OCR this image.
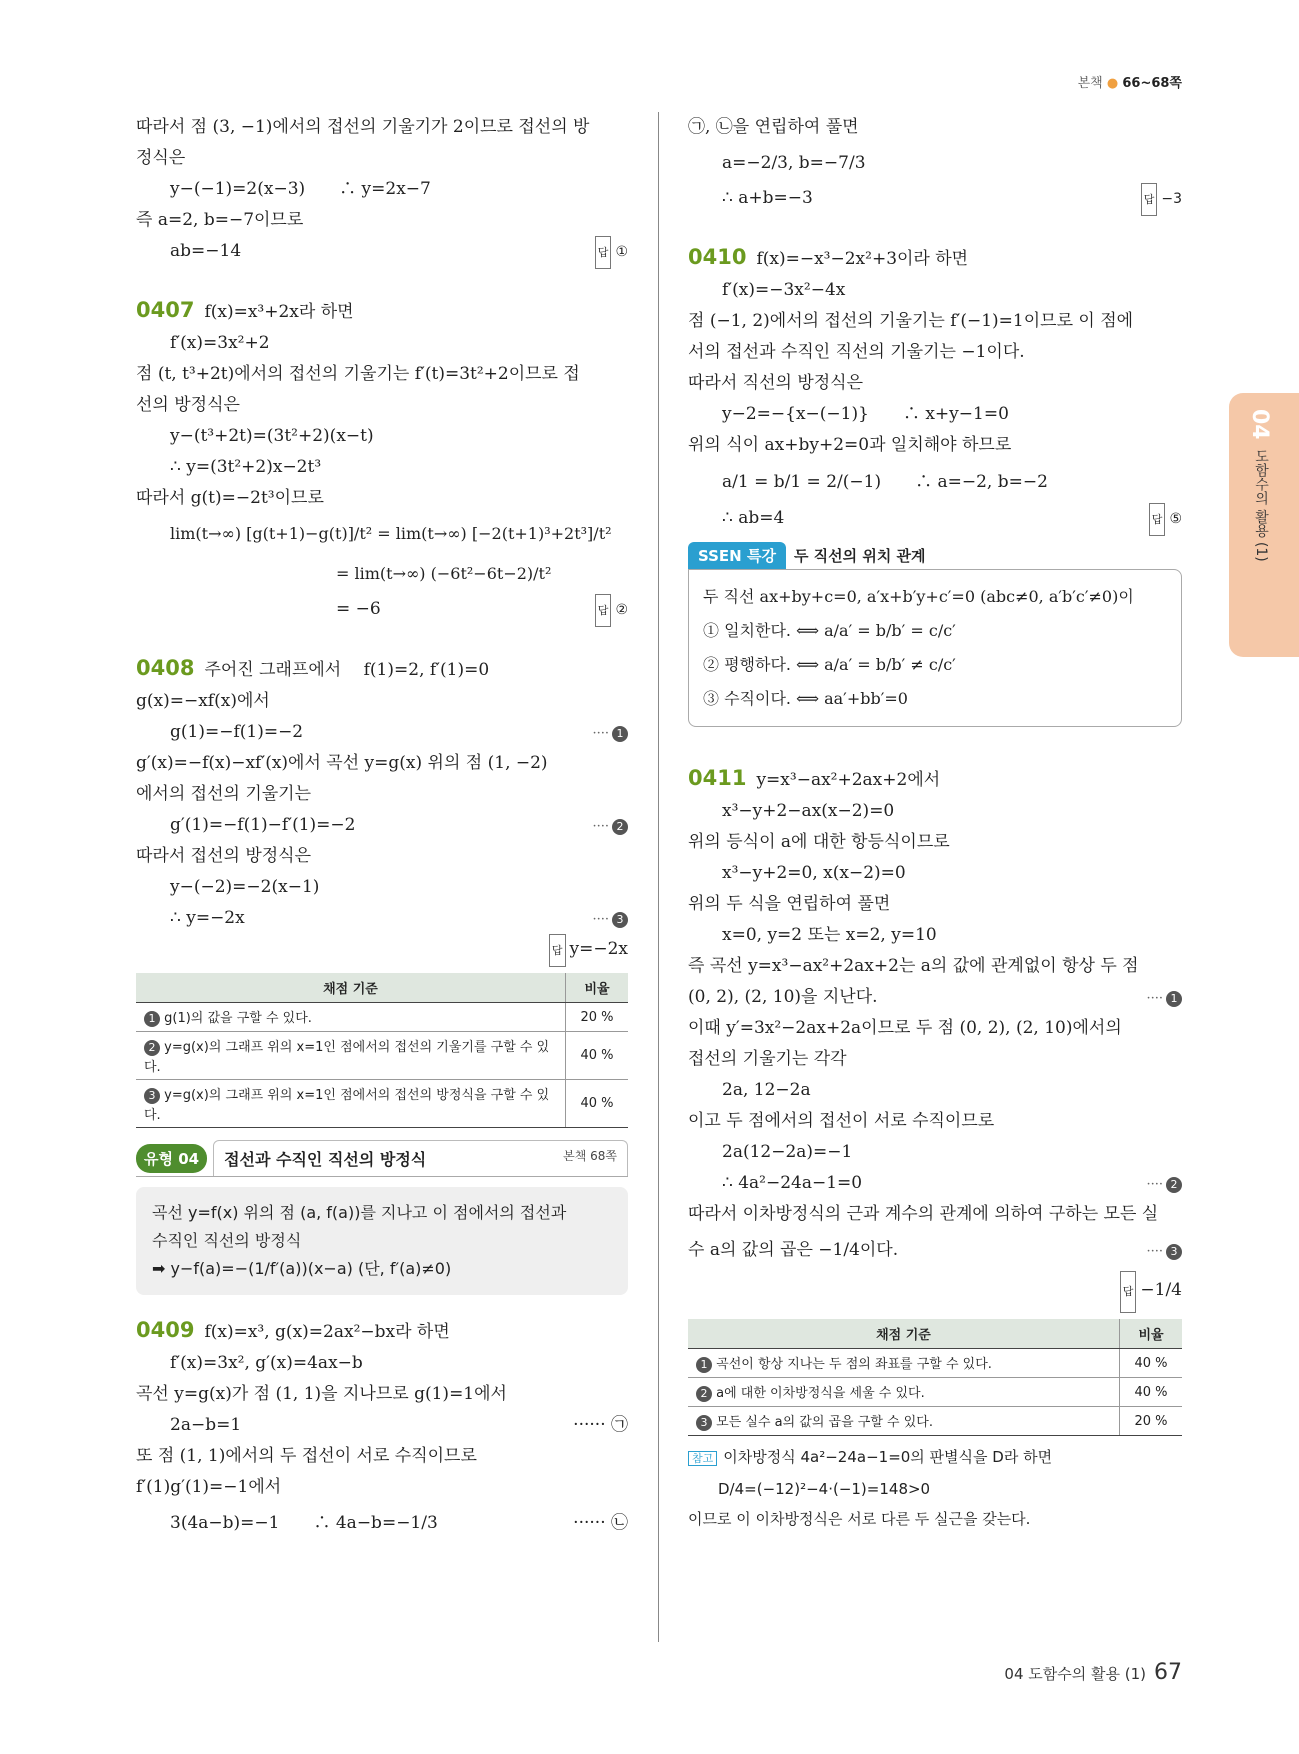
본책 ● 66~68쪽
따라서 점 (3, −1)에서의 접선의 기울기가 2이므로 접선의 방
정식은
y−(−1)=2(x−3)　　∴ y=2x−7
즉 a=2, b=−7이므로
ab=−14	답 ①
0407 f(x)=x³+2x라 하면
f′(x)=3x²+2
점 (t, t³+2t)에서의 접선의 기울기는 f′(t)=3t²+2이므로 접
선의 방정식은
y−(t³+2t)=(3t²+2)(x−t)
∴ y=(3t²+2)x−2t³
따라서 g(t)=−2t³이므로
lim(t→∞) [g(t+1)−g(t)]/t² = lim(t→∞) [−2(t+1)³+2t³]/t²
= lim(t→∞) (−6t²−6t−2)/t²
= −6	답 ②
0408 주어진 그래프에서　 f(1)=2, f′(1)=0
g(x)=−xf(x)에서
g(1)=−f(1)=−2	···· 1
g′(x)=−f(x)−xf′(x)에서 곡선 y=g(x) 위의 점 (1, −2)
에서의 접선의 기울기는
g′(1)=−f(1)−f′(1)=−2	···· 2
따라서 접선의 방정식은
y−(−2)=−2(x−1)
∴ y=−2x	···· 3
답 y=−2x
채점 기준	비율
1 g(1)의 값을 구할 수 있다.	20 %
2 y=g(x)의 그래프 위의 x=1인 점에서의 접선의 기울기를 구할 수 있다.	40 %
3 y=g(x)의 그래프 위의 x=1인 점에서의 접선의 방정식을 구할 수 있다.	40 %
유형 04	접선과 수직인 직선의 방정식	본책 68쪽
곡선 y=f(x) 위의 점 (a, f(a))를 지나고 이 점에서의 접선과
수직인 직선의 방정식
➡ y−f(a)=−(1/f′(a))(x−a) (단, f′(a)≠0)
0409 f(x)=x³, g(x)=2ax²−bx라 하면
f′(x)=3x², g′(x)=4ax−b
곡선 y=g(x)가 점 (1, 1)을 지나므로 g(1)=1에서
2a−b=1	······ ㉠
또 점 (1, 1)에서의 두 접선이 서로 수직이므로
f′(1)g′(1)=−1에서
3(4a−b)=−1　　∴ 4a−b=−1/3	······ ㉡
㉠, ㉡을 연립하여 풀면
a=−2/3, b=−7/3
∴ a+b=−3	답 −3
0410 f(x)=−x³−2x²+3이라 하면
f′(x)=−3x²−4x
점 (−1, 2)에서의 접선의 기울기는 f′(−1)=1이므로 이 점에
서의 접선과 수직인 직선의 기울기는 −1이다.
따라서 직선의 방정식은
y−2=−{x−(−1)}　　∴ x+y−1=0
위의 식이 ax+by+2=0과 일치해야 하므로
a/1 = b/1 = 2/(−1)　　∴ a=−2, b=−2
∴ ab=4	답 ⑤
SSEN 특강 두 직선의 위치 관계
두 직선 ax+by+c=0, a′x+b′y+c′=0 (abc≠0, a′b′c′≠0)이
① 일치한다. ⟺ a/a′ = b/b′ = c/c′
② 평행하다. ⟺ a/a′ = b/b′ ≠ c/c′
③ 수직이다. ⟺ aa′+bb′=0
0411 y=x³−ax²+2ax+2에서
x³−y+2−ax(x−2)=0
위의 등식이 a에 대한 항등식이므로
x³−y+2=0, x(x−2)=0
위의 두 식을 연립하여 풀면
x=0, y=2 또는 x=2, y=10
즉 곡선 y=x³−ax²+2ax+2는 a의 값에 관계없이 항상 두 점
(0, 2), (2, 10)을 지난다.	···· 1
이때 y′=3x²−2ax+2a이므로 두 점 (0, 2), (2, 10)에서의
접선의 기울기는 각각
2a, 12−2a
이고 두 점에서의 접선이 서로 수직이므로
2a(12−2a)=−1
∴ 4a²−24a−1=0	···· 2
따라서 이차방정식의 근과 계수의 관계에 의하여 구하는 모든 실
수 a의 값의 곱은 −1/4이다.	···· 3
답 −1/4
채점 기준	비율
1 곡선이 항상 지나는 두 점의 좌표를 구할 수 있다.	40 %
2 a에 대한 이차방정식을 세울 수 있다.	40 %
3 모든 실수 a의 값의 곱을 구할 수 있다.	20 %
참고 이차방정식 4a²−24a−1=0의 판별식을 D라 하면
D/4=(−12)²−4·(−1)=148>0
이므로 이 이차방정식은 서로 다른 두 실근을 갖는다.
04
도함수의 활용 (1)
04 도함수의 활용 (1) 67
